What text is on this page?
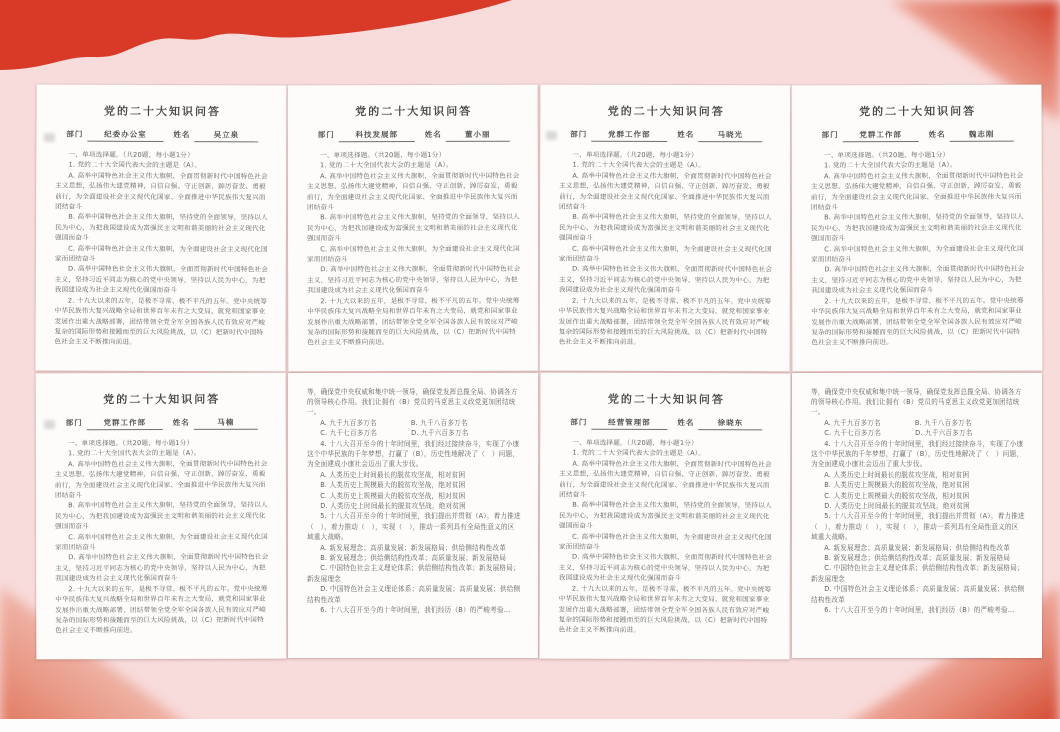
党的二十大知识问答
部门	纪委办公室	姓名	吴立泉

一、单项选择题。（共20题，每小题1分）

1. 党的二十大全国代表大会的主题是（A）。

A. 高举中国特色社会主义伟大旗帜，全面贯彻新时代中国特色社会主义思想，弘扬伟大建党精神，自信自强、守正创新，踔厉奋发、勇毅前行，为全面建设社会主义现代化国家、全面推进中华民族伟大复兴而团结奋斗

B. 高举中国特色社会主义伟大旗帜，坚持党的全面领导，坚持以人民为中心，为把我国建设成为富强民主文明和谐美丽的社会主义现代化强国而奋斗

C. 高举中国特色社会主义伟大旗帜，为全面建设社会主义现代化国家而团结奋斗

D. 高举中国特色社会主义伟大旗帜，全面贯彻新时代中国特色社会主义，坚持习近平同志为核心的党中央领导，坚持以人民为中心，为把我国建设成为社会主义现代化强国而奋斗

2. 十九大以来的五年，是极不寻常、极不平凡的五年。党中央统筹中华民族伟大复兴战略全局和世界百年未有之大变局，就党和国家事业发展作出重大战略部署，团结带领全党全军全国各族人民有效应对严峻复杂的国际形势和接踵而至的巨大风险挑战，以（C）把新时代中国特色社会主义不断推向前进。

党的二十大知识问答
部门	科技发展部	姓名	董小丽

一、单项选择题。（共20题，每小题1分）

1. 党的二十大全国代表大会的主题是（A）。

A. 高举中国特色社会主义伟大旗帜，全面贯彻新时代中国特色社会主义思想，弘扬伟大建党精神，自信自强、守正创新，踔厉奋发、勇毅前行，为全面建设社会主义现代化国家、全面推进中华民族伟大复兴而团结奋斗

B. 高举中国特色社会主义伟大旗帜，坚持党的全面领导，坚持以人民为中心，为把我国建设成为富强民主文明和谐美丽的社会主义现代化强国而奋斗

C. 高举中国特色社会主义伟大旗帜，为全面建设社会主义现代化国家而团结奋斗

D. 高举中国特色社会主义伟大旗帜，全面贯彻新时代中国特色社会主义，坚持习近平同志为核心的党中央领导，坚持以人民为中心，为把我国建设成为社会主义现代化强国而奋斗

2. 十九大以来的五年，是极不寻常、极不平凡的五年。党中央统筹中华民族伟大复兴战略全局和世界百年未有之大变局，就党和国家事业发展作出重大战略部署，团结带领全党全军全国各族人民有效应对严峻复杂的国际形势和接踵而至的巨大风险挑战，以（C）把新时代中国特色社会主义不断推向前进。

党的二十大知识问答
部门	党群工作部	姓名	马晓光

一、单项选择题。（共20题，每小题1分）

1. 党的二十大全国代表大会的主题是（A）。

A. 高举中国特色社会主义伟大旗帜，全面贯彻新时代中国特色社会主义思想，弘扬伟大建党精神，自信自强、守正创新，踔厉奋发、勇毅前行，为全面建设社会主义现代化国家、全面推进中华民族伟大复兴而团结奋斗

B. 高举中国特色社会主义伟大旗帜，坚持党的全面领导，坚持以人民为中心，为把我国建设成为富强民主文明和谐美丽的社会主义现代化强国而奋斗

C. 高举中国特色社会主义伟大旗帜，为全面建设社会主义现代化国家而团结奋斗

D. 高举中国特色社会主义伟大旗帜，全面贯彻新时代中国特色社会主义，坚持习近平同志为核心的党中央领导，坚持以人民为中心，为把我国建设成为社会主义现代化强国而奋斗

2. 十九大以来的五年，是极不寻常、极不平凡的五年。党中央统筹中华民族伟大复兴战略全局和世界百年未有之大变局，就党和国家事业发展作出重大战略部署，团结带领全党全军全国各族人民有效应对严峻复杂的国际形势和接踵而至的巨大风险挑战，以（C）把新时代中国特色社会主义不断推向前进。

党的二十大知识问答
部门	党群工作部	姓名	魏志刚

一、单项选择题。（共20题，每小题1分）

1. 党的二十大全国代表大会的主题是（A）。

A. 高举中国特色社会主义伟大旗帜，全面贯彻新时代中国特色社会主义思想，弘扬伟大建党精神，自信自强、守正创新，踔厉奋发、勇毅前行，为全面建设社会主义现代化国家、全面推进中华民族伟大复兴而团结奋斗

B. 高举中国特色社会主义伟大旗帜，坚持党的全面领导，坚持以人民为中心，为把我国建设成为富强民主文明和谐美丽的社会主义现代化强国而奋斗

C. 高举中国特色社会主义伟大旗帜，为全面建设社会主义现代化国家而团结奋斗

D. 高举中国特色社会主义伟大旗帜，全面贯彻新时代中国特色社会主义，坚持习近平同志为核心的党中央领导，坚持以人民为中心，为把我国建设成为社会主义现代化强国而奋斗

2. 十九大以来的五年，是极不寻常、极不平凡的五年。党中央统筹中华民族伟大复兴战略全局和世界百年未有之大变局，就党和国家事业发展作出重大战略部署，团结带领全党全军全国各族人民有效应对严峻复杂的国际形势和接踵而至的巨大风险挑战，以（C）把新时代中国特色社会主义不断推向前进。

党的二十大知识问答
部门	党群工作部	姓名	马楠

一、单项选择题。（共20题，每小题1分）

1. 党的二十大全国代表大会的主题是（A）。

A. 高举中国特色社会主义伟大旗帜，全面贯彻新时代中国特色社会主义思想，弘扬伟大建党精神，自信自强、守正创新，踔厉奋发、勇毅前行，为全面建设社会主义现代化国家、全面推进中华民族伟大复兴而团结奋斗

B. 高举中国特色社会主义伟大旗帜，坚持党的全面领导，坚持以人民为中心，为把我国建设成为富强民主文明和谐美丽的社会主义现代化强国而奋斗

C. 高举中国特色社会主义伟大旗帜，为全面建设社会主义现代化国家而团结奋斗

D. 高举中国特色社会主义伟大旗帜，全面贯彻新时代中国特色社会主义，坚持习近平同志为核心的党中央领导，坚持以人民为中心，为把我国建设成为社会主义现代化强国而奋斗

2. 十九大以来的五年，是极不寻常、极不平凡的五年。党中央统筹中华民族伟大复兴战略全局和世界百年未有之大变局，就党和国家事业发展作出重大战略部署，团结带领全党全军全国各族人民有效应对严峻复杂的国际形势和接踵而至的巨大风险挑战，以（C）把新时代中国特色社会主义不断推向前进。

等，确保党中央权威和集中统一领导，确保党发挥总揽全局、协调各方的领导核心作用。我们让拥有（B）党员的马克思主义政党更加团结统一。

A. 九千九百多万名　　　　　B. 九千八百多万名

C. 九千七百多万名　　　　　D. 九千六百多万名

4. 十八大召开至今的十年时间里，我们经过接续奋斗，实现了小康这个中华民族的千年梦想，打赢了（B），历史性地解决了（　）问题，为全面建成小康社会迈出了重大步伐。

A. 人类历史上时间最长的脱贫攻坚战，相对贫困

B. 人类历史上规模最大的脱贫攻坚战，绝对贫困

C. 人类历史上规模最大的脱贫攻坚战，相对贫困

D. 人类历史上时间最长的脱贫攻坚战，绝对贫困

5. 十八大召开至今的十年时间里，我们提出并贯彻（A），着力推进（　），着力推动（　），实现（　），推动一系列具有全局性意义的区域重大战略。

A. 新发展理念；高质量发展；新发展格局；供给侧结构性改革

B. 新发展理念；供给侧结构性改革；高质量发展；新发展格局

C. 中国特色社会主义理论体系；供给侧结构性改革；新发展格局；新发展理念

D. 中国特色社会主义理论体系；高质量发展；高质量发展；供给侧结构性改革

6. 十八大召开至今的十年时间里，我们经历（B）的严峻考验…

党的二十大知识问答
部门	经营管理部	姓名	徐晓东

一、单项选择题。（共20题，每小题1分）

1. 党的二十大全国代表大会的主题是（A）。

A. 高举中国特色社会主义伟大旗帜，全面贯彻新时代中国特色社会主义思想，弘扬伟大建党精神，自信自强、守正创新，踔厉奋发、勇毅前行，为全面建设社会主义现代化国家、全面推进中华民族伟大复兴而团结奋斗

B. 高举中国特色社会主义伟大旗帜，坚持党的全面领导，坚持以人民为中心，为把我国建设成为富强民主文明和谐美丽的社会主义现代化强国而奋斗

C. 高举中国特色社会主义伟大旗帜，为全面建设社会主义现代化国家而团结奋斗

D. 高举中国特色社会主义伟大旗帜，全面贯彻新时代中国特色社会主义，坚持习近平同志为核心的党中央领导，坚持以人民为中心，为把我国建设成为社会主义现代化强国而奋斗

2. 十九大以来的五年，是极不寻常、极不平凡的五年。党中央统筹中华民族伟大复兴战略全局和世界百年未有之大变局，就党和国家事业发展作出重大战略部署，团结带领全党全军全国各族人民有效应对严峻复杂的国际形势和接踵而至的巨大风险挑战，以（C）把新时代中国特色社会主义不断推向前进。

等，确保党中央权威和集中统一领导，确保党发挥总揽全局、协调各方的领导核心作用。我们让拥有（B）党员的马克思主义政党更加团结统一。

A. 九千九百多万名　　　　　B. 九千八百多万名

C. 九千七百多万名　　　　　D. 九千六百多万名

4. 十八大召开至今的十年时间里，我们经过接续奋斗，实现了小康这个中华民族的千年梦想，打赢了（B），历史性地解决了（　）问题，为全面建成小康社会迈出了重大步伐。

A. 人类历史上时间最长的脱贫攻坚战，相对贫困

B. 人类历史上规模最大的脱贫攻坚战，绝对贫困

C. 人类历史上规模最大的脱贫攻坚战，相对贫困

D. 人类历史上时间最长的脱贫攻坚战，绝对贫困

5. 十八大召开至今的十年时间里，我们提出并贯彻（A），着力推进（　），着力推动（　），实现（　），推动一系列具有全局性意义的区域重大战略。

A. 新发展理念；高质量发展；新发展格局；供给侧结构性改革

B. 新发展理念；供给侧结构性改革；高质量发展；新发展格局

C. 中国特色社会主义理论体系；供给侧结构性改革；新发展格局；新发展理念

D. 中国特色社会主义理论体系；高质量发展；高质量发展；供给侧结构性改革

6. 十八大召开至今的十年时间里，我们经历（B）的严峻考验…
